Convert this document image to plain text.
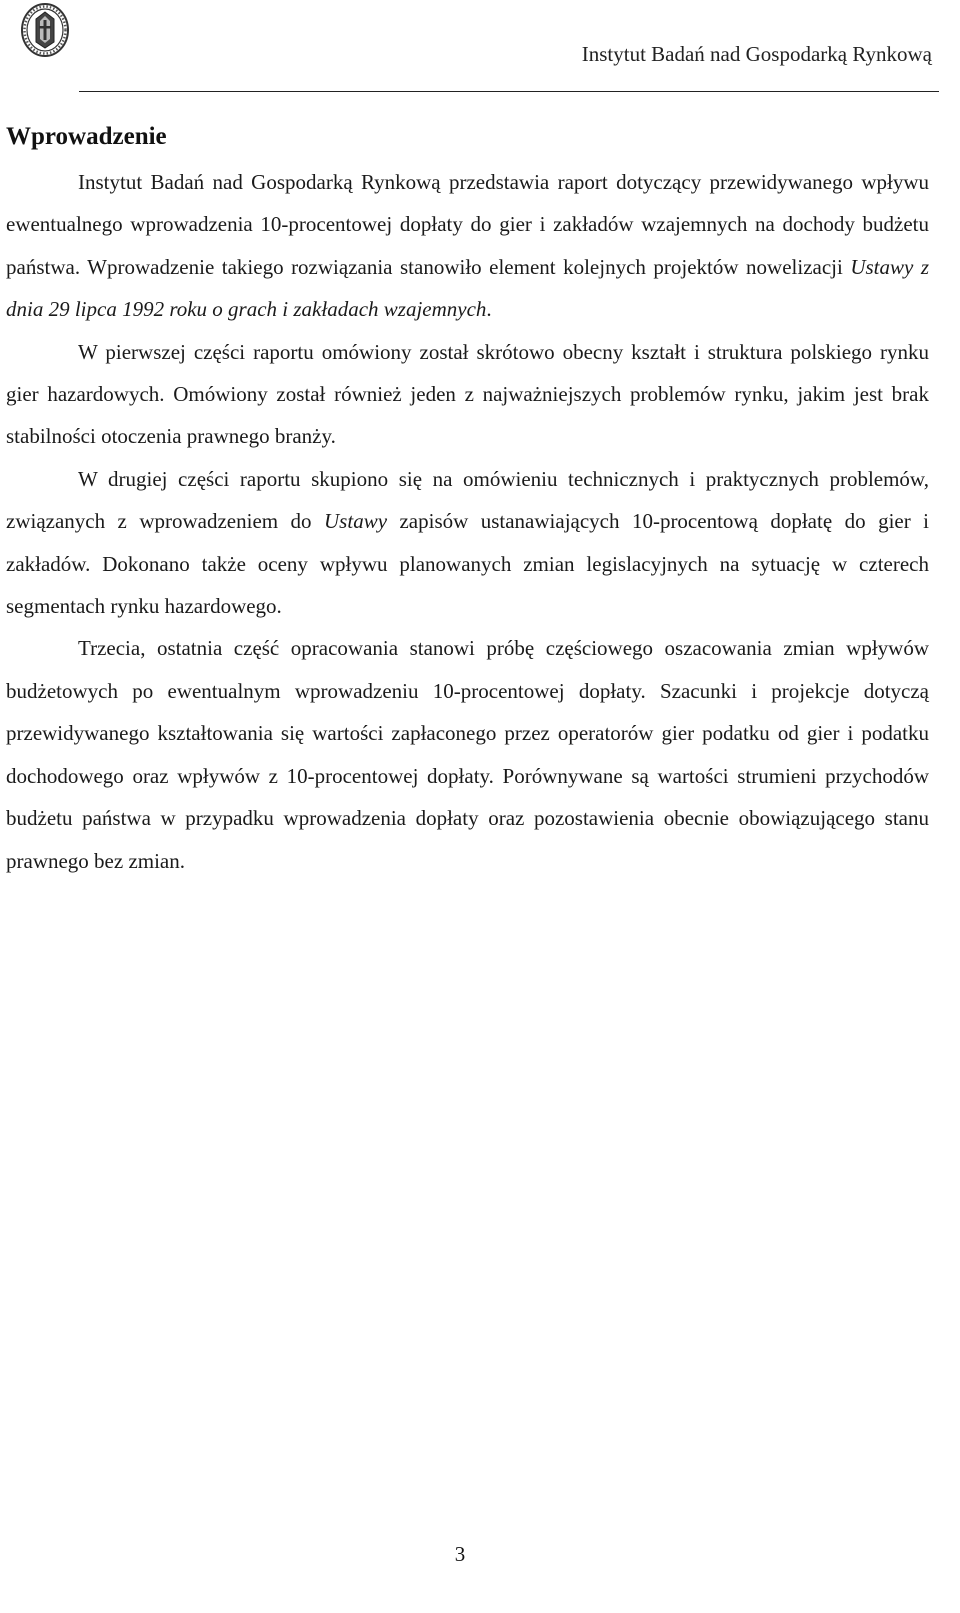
Instytut Badań nad Gospodarką Rynkową
Wprowadzenie

Instytut Badań nad Gospodarką Rynkową przedstawia raport dotyczący przewidywanego wpływu ewentualnego wprowadzenia 10-procentowej dopłaty do gier i zakładów wzajemnych na dochody budżetu państwa. Wprowadzenie takiego rozwiązania stanowiło element kolejnych projektów nowelizacji Ustawy z dnia 29 lipca 1992 roku o grach i zakładach wzajemnych.

W pierwszej części raportu omówiony został skrótowo obecny kształt i struktura polskiego rynku gier hazardowych. Omówiony został również jeden z najważniejszych problemów rynku, jakim jest brak stabilności otoczenia prawnego branży.

W drugiej części raportu skupiono się na omówieniu technicznych i praktycznych problemów, związanych z wprowadzeniem do Ustawy zapisów ustanawiających 10-procentową dopłatę do gier i zakładów. Dokonano także oceny wpływu planowanych zmian legislacyjnych na sytuację w czterech segmentach rynku hazardowego.

Trzecia, ostatnia część opracowania stanowi próbę częściowego oszacowania zmian wpływów budżetowych po ewentualnym wprowadzeniu 10-procentowej dopłaty. Szacunki i projekcje dotyczą przewidywanego kształtowania się wartości zapłaconego przez operatorów gier podatku od gier i podatku dochodowego oraz wpływów z 10-procentowej dopłaty. Porównywane są wartości strumieni przychodów budżetu państwa w przypadku wprowadzenia dopłaty oraz pozostawienia obecnie obowiązującego stanu prawnego bez zmian.

3
